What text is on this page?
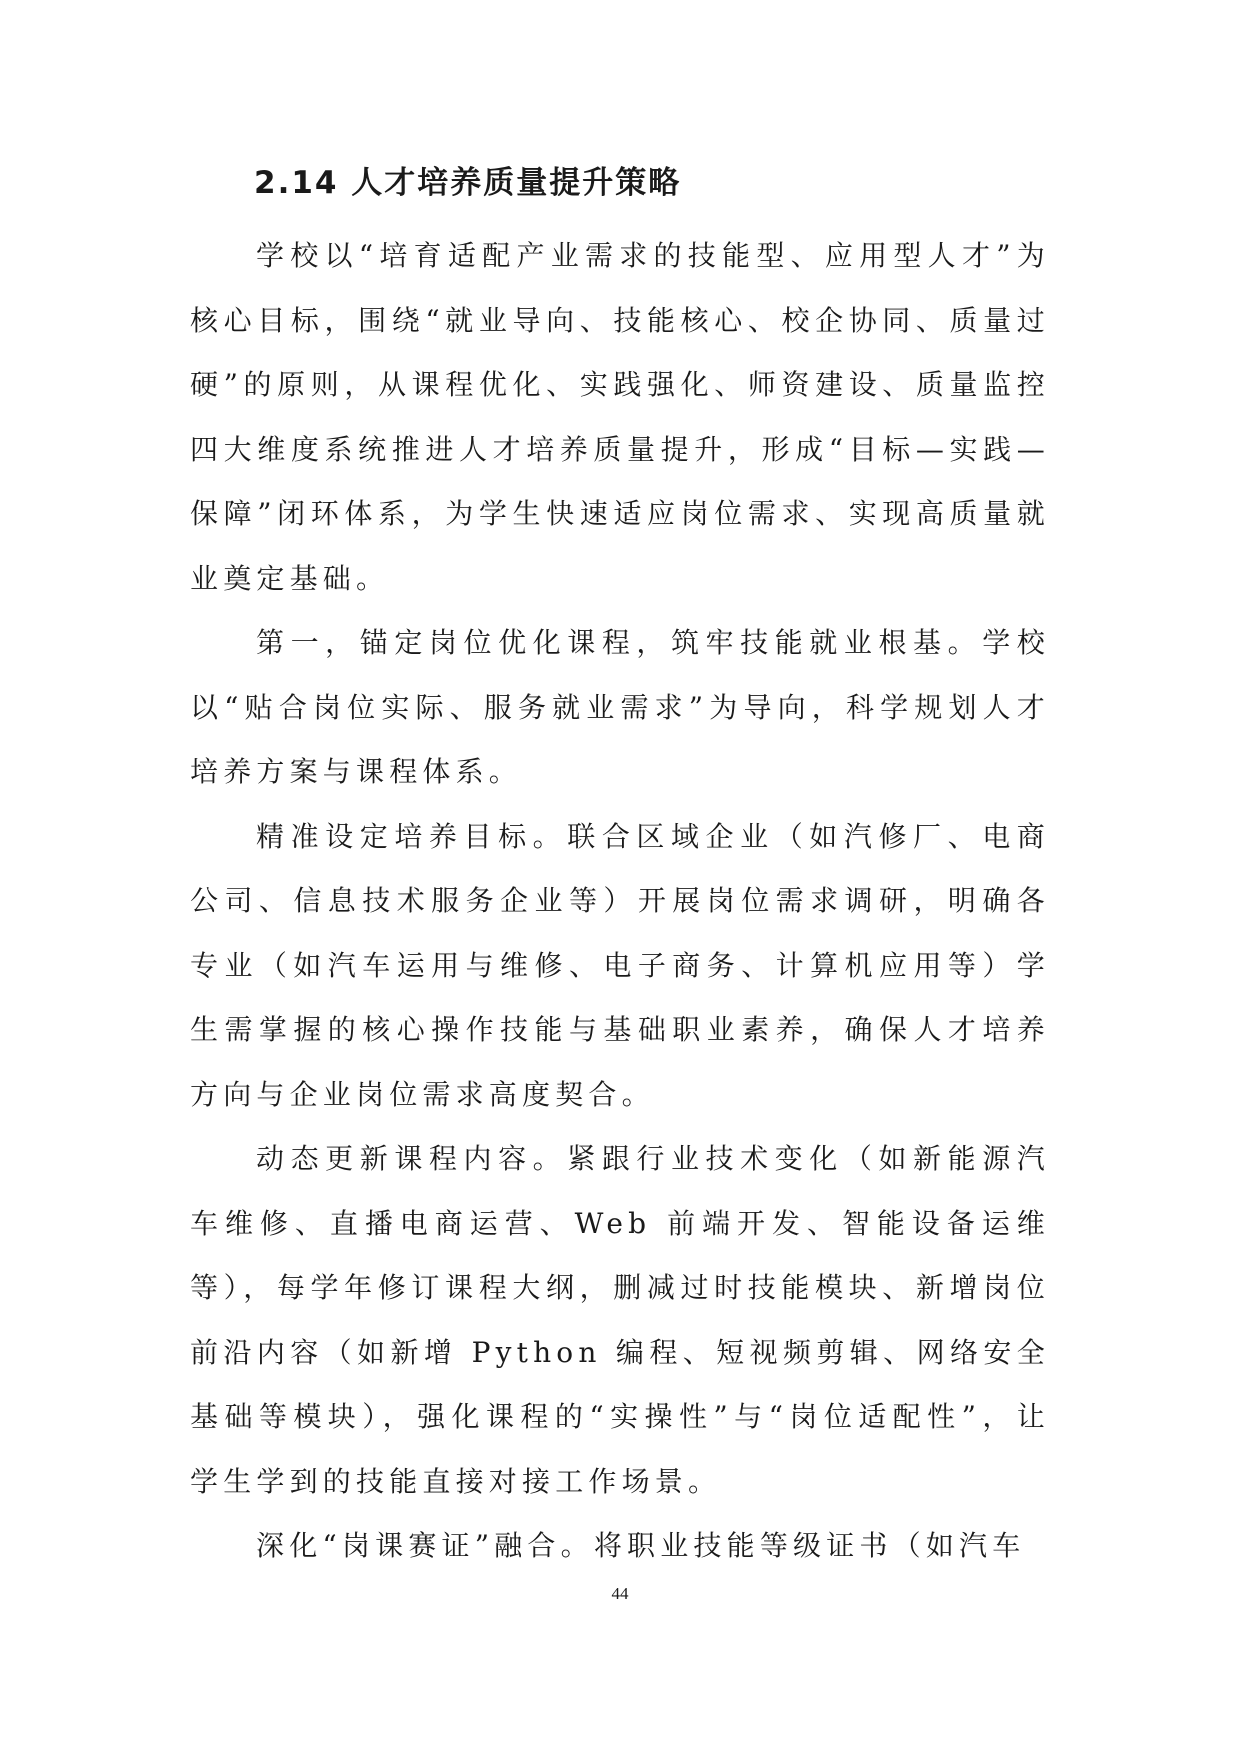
2.14 人才培养质量提升策略

学校以“培育适配产业需求的技能型、应用型人才”为核心目标，围绕“就业导向、技能核心、校企协同、质量过硬”的原则，从课程优化、实践强化、师资建设、质量监控四大维度系统推进人才培养质量提升，形成“目标—实践—保障”闭环体系，为学生快速适应岗位需求、实现高质量就业奠定基础。

第一，锚定岗位优化课程，筑牢技能就业根基。学校以“贴合岗位实际、服务就业需求”为导向，科学规划人才培养方案与课程体系。

精准设定培养目标。联合区域企业（如汽修厂、电商公司、信息技术服务企业等）开展岗位需求调研，明确各专业（如汽车运用与维修、电子商务、计算机应用等）学生需掌握的核心操作技能与基础职业素养，确保人才培养方向与企业岗位需求高度契合。

动态更新课程内容。紧跟行业技术变化（如新能源汽车维修、直播电商运营、Web 前端开发、智能设备运维等），每学年修订课程大纲，删减过时技能模块、新增岗位前沿内容（如新增 Python 编程、短视频剪辑、网络安全基础等模块），强化课程的“实操性”与“岗位适配性”，让学生学到的技能直接对接工作场景。

深化“岗课赛证”融合。将职业技能等级证书（如汽车

44
